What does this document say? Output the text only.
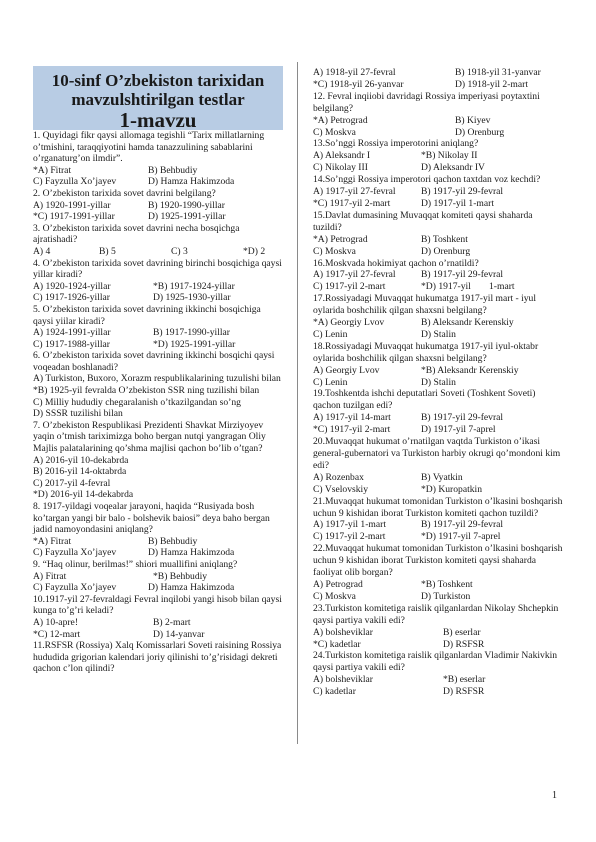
10-sinf O’zbekiston tarixidan
mavzulshtirilgan testlar
1-mavzu

1. Quyidagi fikr qaysi allomaga tegishli “Tarix millatlarning o’tmishini, taraqqiyotini hamda tanazzulining sabablarini o’rganaturg’on ilmdir”.

*A) Fitrat	B) Behbudiy
C) Fayzulla Xo’jayev	D) Hamza Hakimzoda

2. O’zbekiston tarixida sovet davrini belgilang?

A) 1920-1991-yillar	B) 1920-1990-yillar
*C) 1917-1991-yillar	D) 1925-1991-yillar

3. O’zbekiston tarixida sovet davrini necha bosqichga ajratishadi?

A) 4	B) 5	C) 3	*D) 2

4. O’zbekiston tarixida sovet davrining birinchi bosqichiga qaysi yillar kiradi?

A) 1920-1924-yillar	*B) 1917-1924-yillar
C) 1917-1926-yillar	D) 1925-1930-yillar

5. O’zbekiston tarixida sovet davrining ikkinchi bosqichiga qaysi yiilar kiradi?

A) 1924-1991-yillar	B) 1917-1990-yillar
C) 1917-1988-yillar	*D) 1925-1991-yillar

6. O’zbekiston tarixida sovet davrining ikkinchi bosqichi qaysi voqeadan boshlanadi?

A) Turkiston, Buxoro, Xorazm respublikalarining tuzulishi bilan
*B) 1925-yil fevralda O’zbekiston SSR ning tuzilishi bilan
C) Milliy hududiy chegaralanish o’tkazilgandan so’ng
D) SSSR tuzilishi bilan

7. O’zbekiston Respublikasi Prezidenti Shavkat Mirziyoyev yaqin o’tmish tariximizga boho bergan nutqi yangragan Oliy Majlis palatalarining qo’shma majlisi qachon bo’lib o’tgan?

A) 2016-yil 10-dekabrda
B) 2016-yil 14-oktabrda
C) 2017-yil 4-fevral
*D) 2016-yil 14-dekabrda

8. 1917-yildagi voqealar jarayoni, haqida “Rusiyada bosh ko’targan yangi bir balo - bolshevik baiosi” deya baho bergan jadid namoyondasini aniqlang?

*A) Fitrat	B) Behbudiy
C) Fayzulla Xo’jayev	D) Hamza Hakimzoda

9. “Haq olinur, berilmas!” shiori muallifini aniqlang?

A) Fitrat	*B) Behbudiy
C) Fayzulla Xo’jayev	D) Hamza Hakimzoda

10.1917-yil 27-fevraldagi Fevral inqilobi yangi hisob bilan qaysi kunga to’g’ri keladi?

A) 10-apre!	B) 2-mart
*C) 12-mart	D) 14-yanvar

11.RSFSR (Rossiya) Xalq Komissarlari Soveti raisining Rossiya hududida grigorian kalendari joriy qilinishi to’g’risidagi dekreti qachon c’lon qilindi?

A) 1918-yil 27-fevral	B) 1918-yil 31-yanvar
*C) 1918-yil 26-yanvar	D) 1918-yil 2-mart

12. Fevral inqiiobi davridagi Rossiya imperiyasi poytaxtini belgilang?

*A) Petrograd	B) Kiyev
C) Moskva	D) Orenburg

13.So’nggi Rossiya imperotorini aniqlang?

A) Aleksandr I	*B) Nikolay II
C) Nikolay III	D) Aleksandr IV

14.So’nggi Rossiya imperotori qachon taxtdan voz kechdi?

A) 1917-yil 27-fevral	B) 1917-yil 29-fevral
*C) 1917-yil 2-mart	D) 1917-yil 1-mart

15.Davlat dumasining Muvaqqat komiteti qaysi shaharda tuzildi?

*A) Petrograd	B) Toshkent
C) Moskva	D) Orenburg

16.Moskvada hokimiyat qachon o’rnatildi?

A) 1917-yil 27-fevral	B) 1917-yil 29-fevral
C) 1917-yil 2-mart	*D) 1917-yil	1-mart

17.Rossiyadagi Muvaqqat hukumatga 1917-yil mart - iyul oylarida boshchilik qilgan shaxsni belgilang?

*A) Georgiy Lvov	B) Aleksandr Kerenskiy
C) Lenin	D) Stalin

18.Rossiyadagi Muvaqqat hukumatga 1917-yil iyul-oktabr oylarida boshchilik qilgan shaxsni belgilang?

A) Georgiy Lvov	*B) Aleksandr Kerenskiy
C) Lenin	D) Stalin

19.Toshkentda ishchi deputatlari Soveti (Toshkent Soveti) qachon tuzilgan edi?

A) 1917-yil 14-mart	B) 1917-yil 29-fevral
*C) 1917-yil 2-mart	D) 1917-yil 7-aprel

20.Muvaqqat hukumat o’rnatilgan vaqtda Turkiston o’ikasi general-gubernatori va Turkiston harbiy okrugi qo’mondoni kim edi?

A) Rozenbax	B) Vyatkin
C) Vselovskiy	*D) Kuropatkin

21.Muvaqqat hukumat tomonidan Turkiston o’lkasini boshqarish uchun 9 kishidan iborat Turkiston komiteti qachon tuzildi?

A) 1917-yil 1-mart	B) 1917-yil 29-fevral
C) 1917-yil 2-mart	*D) 1917-yil 7-aprel

22.Muvaqqat hukumat tomonidan Turkiston o’lkasini boshqarish uchun 9 kishidan iborat Turkiston komiteti qaysi shaharda faoliyat olib borgan?

A) Petrograd	*B) Toshkent
C) Moskva	D) Turkiston

23.Turkiston komitetiga raislik qilganlardan Nikolay Shchepkin qaysi partiya vakili edi?

A) bolsheviklar	B) eserlar
*C) kadetlar	D) RSFSR

24.Turkiston komitetiga raislik qilganlardan Vladimir Nakivkin qaysi partiya vakili edi?

A) bolsheviklar	*B) eserlar
C) kadetlar	D) RSFSR
1
